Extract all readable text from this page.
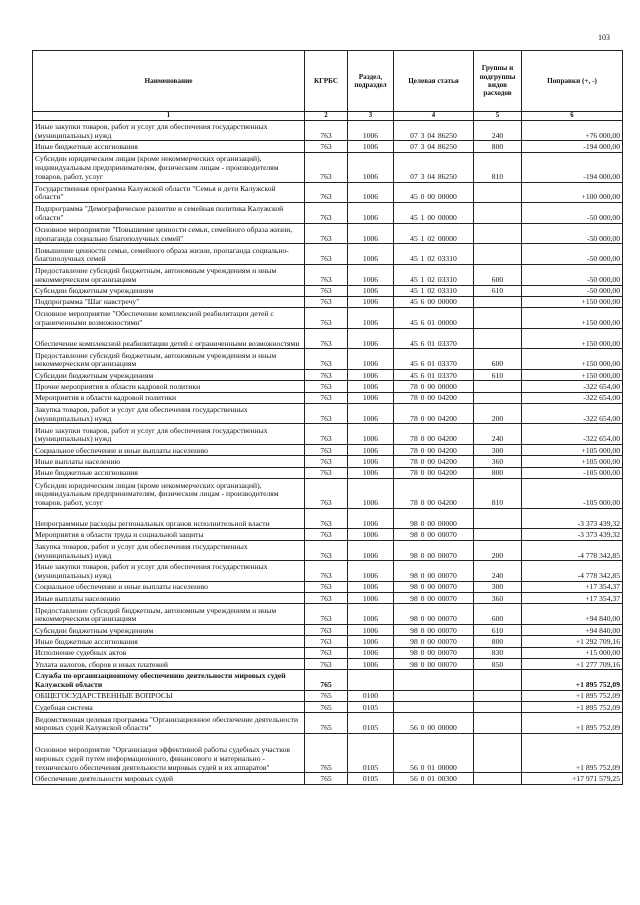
103
Наименование	КГРБС	Раздел, подраздел	Целевая статья	Группы и подгруппы видов расходов	Поправки (+, -)
1	2	3	4	5	6
Иные закупки товаров, работ и услуг для обеспечения государственных (муниципальных) нужд	763	1006	07 3 04 86250	240	+76 000,00
Иные бюджетные ассигнования	763	1006	07 3 04 86250	800	-194 000,00
Субсидии юридическим лицам (кроме некоммерческих организаций), индивидуальным предпринимателям, физическим лицам - производителям товаров, работ, услуг	763	1006	07 3 04 86250	810	-194 000,00
Государственная программа Калужской области "Семья и дети Калужской области"	763	1006	45 0 00 00000		+100 000,00
Подпрограмма "Демографическое развитие и семейная политика Калужской области"	763	1006	45 1 00 00000		-50 000,00
Основное мероприятие "Повышение ценности семьи, семейного образа жизни, пропаганда социально благополучных семей"	763	1006	45 1 02 00000		-50 000,00
Повышение ценности семьи, семейного образа жизни, пропаганда социально-благополучных семей	763	1006	45 1 02 03310		-50 000,00
Предоставление субсидий бюджетным, автономным учреждениям и иным некоммерческим организациям	763	1006	45 1 02 03310	600	-50 000,00
Субсидии бюджетным учреждениям	763	1006	45 1 02 03310	610	-50 000,00
Подпрограмма "Шаг навстречу"	763	1006	45 6 00 00000		+150 000,00
Основное мероприятие "Обеспечение комплексной реабилитации детей с ограниченными возможностями"	763	1006	45 6 01 00000		+150 000,00
Обеспечение комплексной реабилитации детей с ограниченными возможностями	763	1006	45 6 01 03370		+150 000,00
Предоставление субсидий бюджетным, автономным учреждениям и иным некоммерческим организациям	763	1006	45 6 01 03370	600	+150 000,00
Субсидии бюджетным учреждениям	763	1006	45 6 01 03370	610	+150 000,00
Прочие мероприятия в области кадровой политики	763	1006	78 0 00 00000		-322 654,00
Мероприятия в области кадровой политики	763	1006	78 0 00 04200		-322 654,00
Закупка товаров, работ и услуг для обеспечения государственных (муниципальных) нужд	763	1006	78 0 00 04200	200	-322 654,00
Иные закупки товаров, работ и услуг для обеспечения государственных (муниципальных) нужд	763	1006	78 0 00 04200	240	-322 654,00
Социальное обеспечение и иные выплаты населению	763	1006	78 0 00 04200	300	+105 000,00
Иные выплаты населению	763	1006	78 0 00 04200	360	+105 000,00
Иные бюджетные ассигнования	763	1006	78 0 00 04200	800	-105 000,00
Субсидии юридическим лицам (кроме некоммерческих организаций), индивидуальным предпринимателям, физическим лицам - производителям товаров, работ, услуг	763	1006	78 0 00 04200	810	-105 000,00
Непрограммные расходы региональных органов исполнительной власти	763	1006	98 0 00 00000		-3 373 439,32
Мероприятия в области труда и социальной защиты	763	1006	98 0 00 00070		-3 373 439,32
Закупка товаров, работ и услуг для обеспечения государственных (муниципальных) нужд	763	1006	98 0 00 00070	200	-4 778 342,85
Иные закупки товаров, работ и услуг для обеспечения государственных (муниципальных) нужд	763	1006	98 0 00 00070	240	-4 778 342,85
Социальное обеспечение и иные выплаты населению	763	1006	98 0 00 00070	300	+17 354,37
Иные выплаты населению	763	1006	98 0 00 00070	360	+17 354,37
Предоставление субсидий бюджетным, автономным учреждениям и иным некоммерческим организациям	763	1006	98 0 00 00070	600	+94 840,00
Субсидии бюджетным учреждениям	763	1006	98 0 00 00070	610	+94 840,00
Иные бюджетные ассигнования	763	1006	98 0 00 00070	800	+1 292 709,16
Исполнение судебных актов	763	1006	98 0 00 00070	830	+15 000,00
Уплата налогов, сборов и иных платежей	763	1006	98 0 00 00070	850	+1 277 709,16
Служба по организационному обеспечению деятельности мировых судей Калужской области	765				+1 895 752,09
ОБЩЕГОСУДАРСТВЕННЫЕ ВОПРОСЫ	765	0100			+1 895 752,09
Судебная система	765	0105			+1 895 752,09
Ведомственная целевая программа "Организационное обеспечение деятельности мировых судей Калужской области"	765	0105	56 0 00 00000		+1 895 752,09
Основное мероприятие "Организация эффективной работы судебных участков мировых судей путем информационного, финансового и материально - технического обеспечения деятельности мировых судей и их аппаратов"	765	0105	56 0 01 00000		+1 895 752,09
Обеспечение деятельности мировых судей	765	0105	56 0 01 00300		+17 971 579,25
